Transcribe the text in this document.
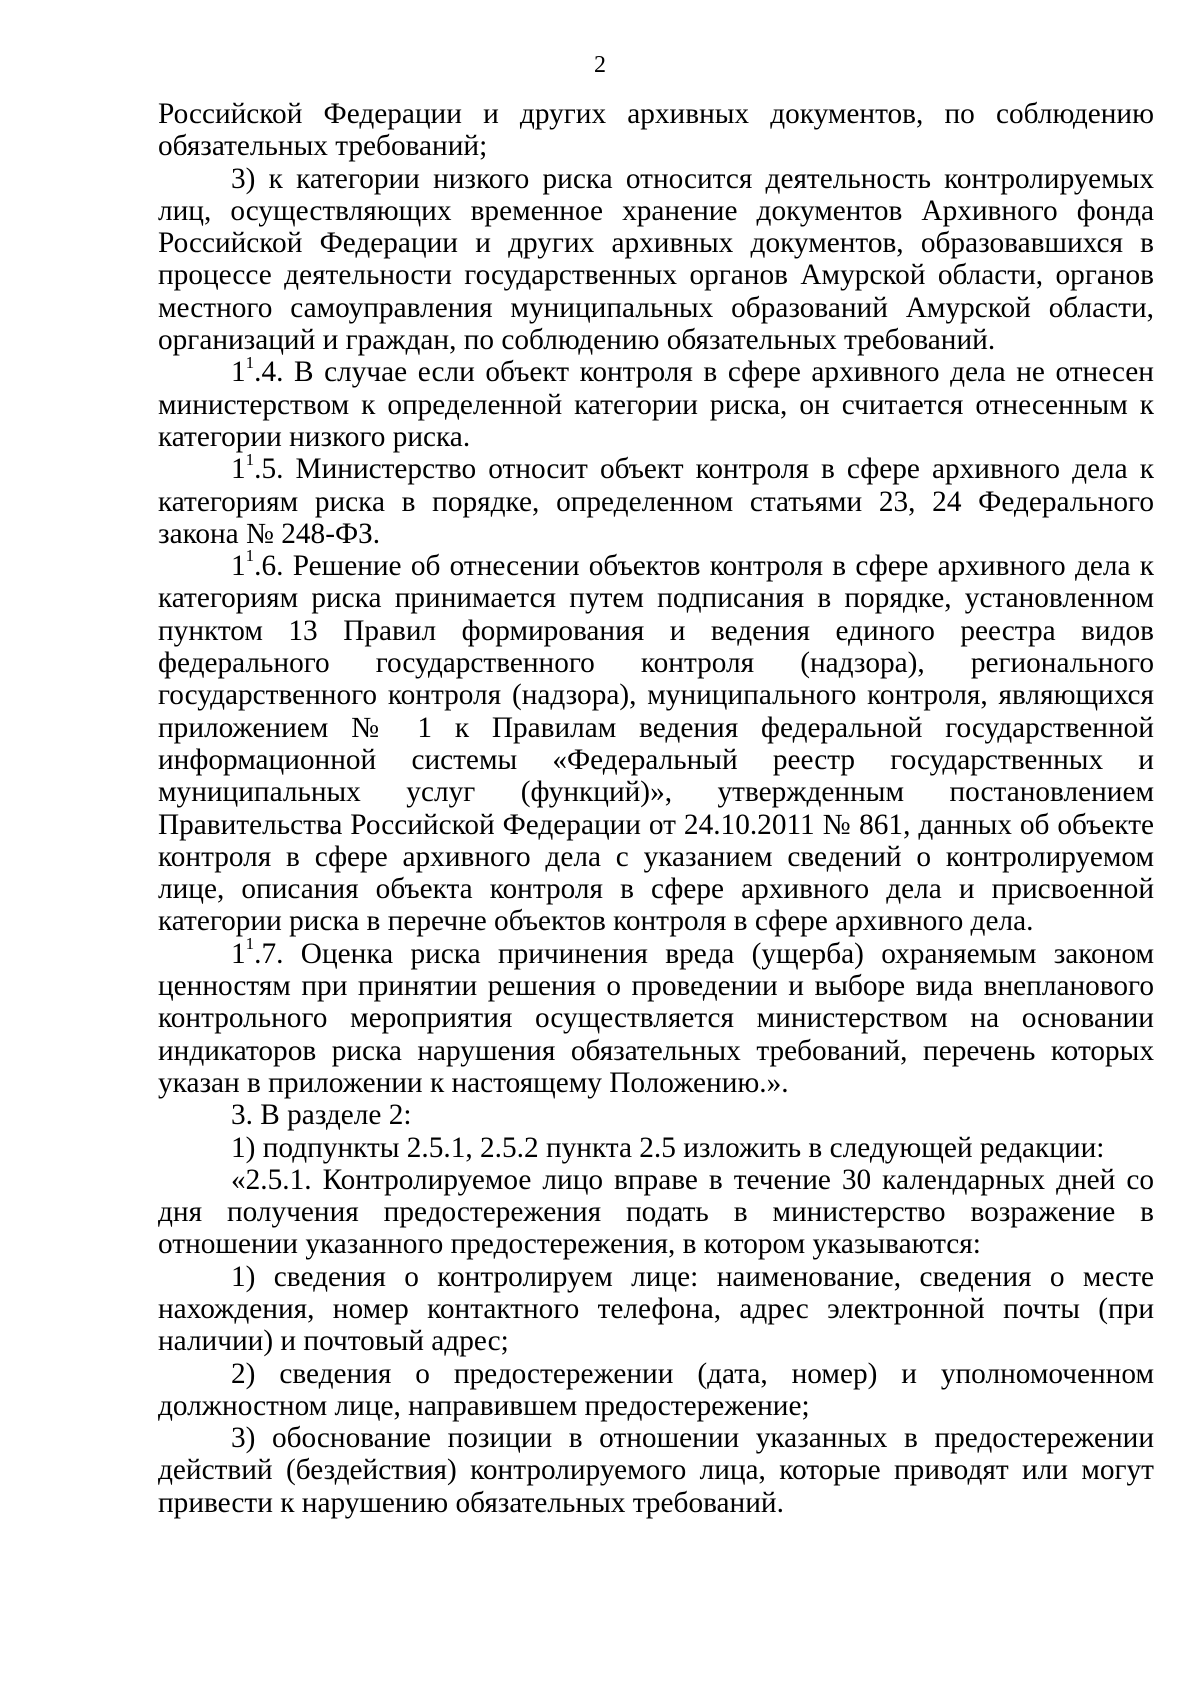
2

Российской Федерации и других архивных документов, по соблюдению обязательных требований;

3) к категории низкого риска относится деятельность контролируемых лиц, осуществляющих временное хранение документов Архивного фонда Российской Федерации и других архивных документов, образовавшихся в процессе деятельности государственных органов Амурской области, органов местного самоуправления муниципальных образований Амурской области, организаций и граждан, по соблюдению обязательных требований.

$1^1.4$. В случае если объект контроля в сфере архивного дела не отнесен министерством к определенной категории риска, он считается отнесенным к категории низкого риска.

$1^1.5$. Министерство относит объект контроля в сфере архивного дела к категориям риска в порядке, определенном статьями 23, 24 Федерального закона № 248-ФЗ.

$1^1.6$. Решение об отнесении объектов контроля в сфере архивного дела к категориям риска принимается путем подписания в порядке, установленном пунктом 13 Правил формирования и ведения единого реестра видов федерального государственного контроля (надзора), регионального государственного контроля (надзора), муниципального контроля, являющихся приложением № 1 к Правилам ведения федеральной государственной информационной системы «Федеральный реестр государственных и муниципальных услуг (функций)», утвержденным постановлением Правительства Российской Федерации от 24.10.2011 № 861, данных об объекте контроля в сфере архивного дела с указанием сведений о контролируемом лице, описания объекта контроля в сфере архивного дела и присвоенной категории риска в перечне объектов контроля в сфере архивного дела.

$1^1.7$. Оценка риска причинения вреда (ущерба) охраняемым законом ценностям при принятии решения о проведении и выборе вида внепланового контрольного мероприятия осуществляется министерством на основании индикаторов риска нарушения обязательных требований, перечень которых указан в приложении к настоящему Положению.».

3. В разделе 2:

1) подпункты 2.5.1, 2.5.2 пункта 2.5 изложить в следующей редакции:

«2.5.1. Контролируемое лицо вправе в течение 30 календарных дней со дня получения предостережения подать в министерство возражение в отношении указанного предостережения, в котором указываются:

1) сведения о контролируем лице: наименование, сведения о месте нахождения, номер контактного телефона, адрес электронной почты (при наличии) и почтовый адрес;

2) сведения о предостережении (дата, номер) и уполномоченном должностном лице, направившем предостережение;

3) обоснование позиции в отношении указанных в предостережении действий (бездействия) контролируемого лица, которые приводят или могут привести к нарушению обязательных требований.
